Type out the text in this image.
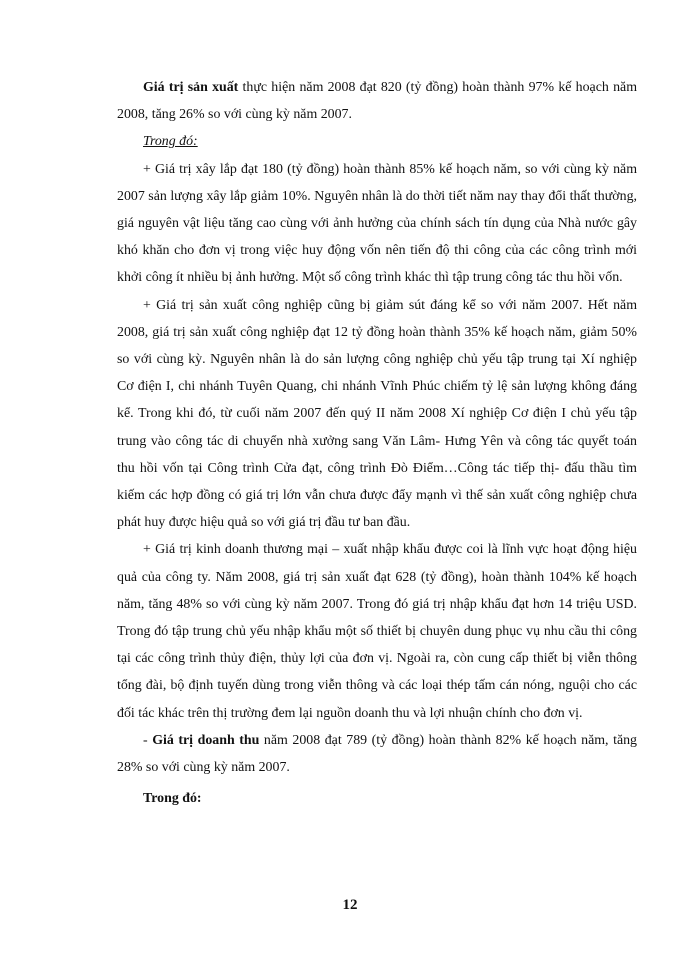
Giá trị sản xuất thực hiện năm 2008 đạt 820 (tỷ đồng) hoàn thành 97% kế hoạch năm 2008, tăng 26% so với cùng kỳ năm 2007.

Trong đó:

+ Giá trị xây lắp đạt 180 (tỷ đồng) hoàn thành 85% kế hoạch năm, so với cùng kỳ năm 2007 sản lượng xây lắp giảm 10%. Nguyên nhân là do thời tiết năm nay thay đổi thất thường, giá nguyên vật liệu tăng cao cùng với ảnh hưởng của chính sách tín dụng của Nhà nước gây khó khăn cho đơn vị trong việc huy động vốn nên tiến độ thi công của các công trình mới khởi công ít nhiều bị ảnh hưởng. Một số công trình khác thì tập trung công tác thu hồi vốn.

+ Giá trị sản xuất công nghiệp cũng bị giảm sút đáng kể so với năm 2007. Hết năm 2008, giá trị sản xuất công nghiệp đạt 12 tỷ đồng hoàn thành 35% kế hoạch năm, giảm 50% so với cùng kỳ. Nguyên nhân là do sản lượng công nghiệp chủ yếu tập trung tại Xí nghiệp Cơ điện I, chi nhánh Tuyên Quang, chi nhánh Vĩnh Phúc chiếm tỷ lệ sản lượng không đáng kể. Trong khi đó, từ cuối năm 2007 đến quý II năm 2008 Xí nghiệp Cơ điện I chủ yếu tập trung vào công tác di chuyển nhà xưởng sang Văn Lâm- Hưng Yên và công tác quyết toán thu hồi vốn tại Công trình Cửa đạt, công trình Đò Điểm…Công tác tiếp thị- đấu thầu tìm kiếm các hợp đồng có giá trị lớn vẫn chưa được đẩy mạnh vì thế sản xuất công nghiệp chưa phát huy được hiệu quả so với giá trị đầu tư ban đầu.

+ Giá trị kinh doanh thương mại – xuất nhập khẩu được coi là lĩnh vực hoạt động hiệu quả của công ty. Năm 2008, giá trị sản xuất đạt 628 (tỷ đồng), hoàn thành 104% kế hoạch năm, tăng 48% so với cùng kỳ năm 2007. Trong đó giá trị nhập khẩu đạt hơn 14 triệu USD. Trong đó tập trung chủ yếu nhập khẩu một số thiết bị chuyên dung phục vụ nhu cầu thi công tại các công trình thủy điện, thủy lợi của đơn vị. Ngoài ra, còn cung cấp thiết bị viễn thông tổng đài, bộ định tuyến dùng trong viễn thông và các loại thép tấm cán nóng, nguội cho các đối tác khác trên thị trường đem lại nguồn doanh thu và lợi nhuận chính cho đơn vị.

- Giá trị doanh thu năm 2008 đạt 789 (tỷ đồng) hoàn thành 82% kế hoạch năm, tăng 28% so với cùng kỳ năm 2007.

Trong đó:

12
